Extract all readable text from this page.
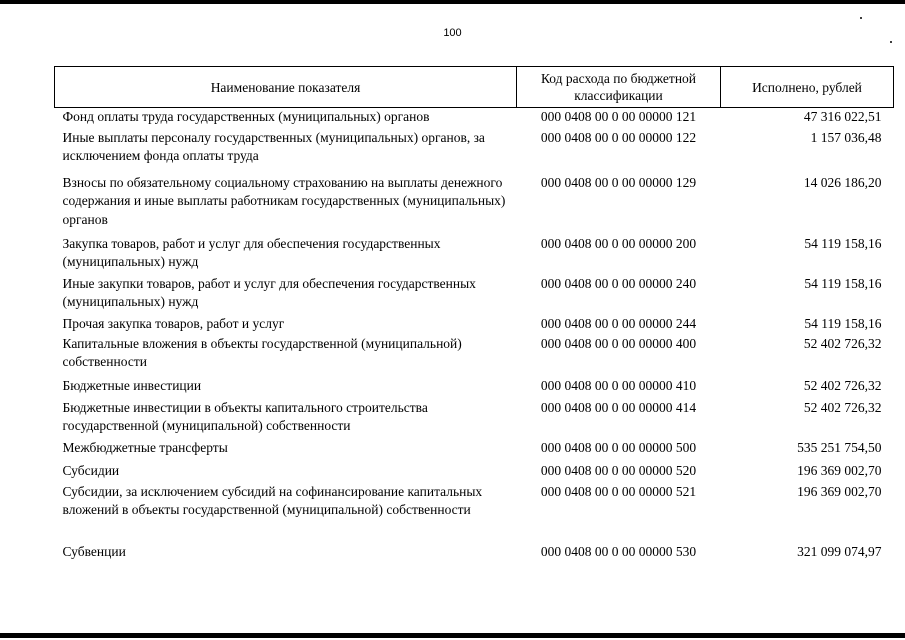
100
Наименование показателя	Код расхода по бюджетной классификации	Исполнено, рублей
Фонд оплаты труда государственных (муниципальных) органов	000 0408 00 0 00 00000 121	47 316 022,51
Иные выплаты персоналу государственных (муниципальных) органов, за исключением фонда оплаты труда	000 0408 00 0 00 00000 122	1 157 036,48
Взносы по обязательному социальному страхованию на выплаты денежного содержания и иные выплаты работникам государственных (муниципальных) органов	000 0408 00 0 00 00000 129	14 026 186,20
Закупка товаров, работ и услуг для обеспечения государственных (муниципальных) нужд	000 0408 00 0 00 00000 200	54 119 158,16
Иные закупки товаров, работ и услуг для обеспечения государственных (муниципальных) нужд	000 0408 00 0 00 00000 240	54 119 158,16
Прочая закупка товаров, работ и услуг	000 0408 00 0 00 00000 244	54 119 158,16
Капитальные вложения в объекты государственной (муниципальной) собственности	000 0408 00 0 00 00000 400	52 402 726,32
Бюджетные инвестиции	000 0408 00 0 00 00000 410	52 402 726,32
Бюджетные инвестиции в объекты капитального строительства государственной (муниципальной) собственности	000 0408 00 0 00 00000 414	52 402 726,32
Межбюджетные трансферты	000 0408 00 0 00 00000 500	535 251 754,50
Субсидии	000 0408 00 0 00 00000 520	196 369 002,70
Субсидии, за исключением субсидий на софинансирование капитальных вложений в объекты государственной (муниципальной) собственности	000 0408 00 0 00 00000 521	196 369 002,70
Субвенции	000 0408 00 0 00 00000 530	321 099 074,97
